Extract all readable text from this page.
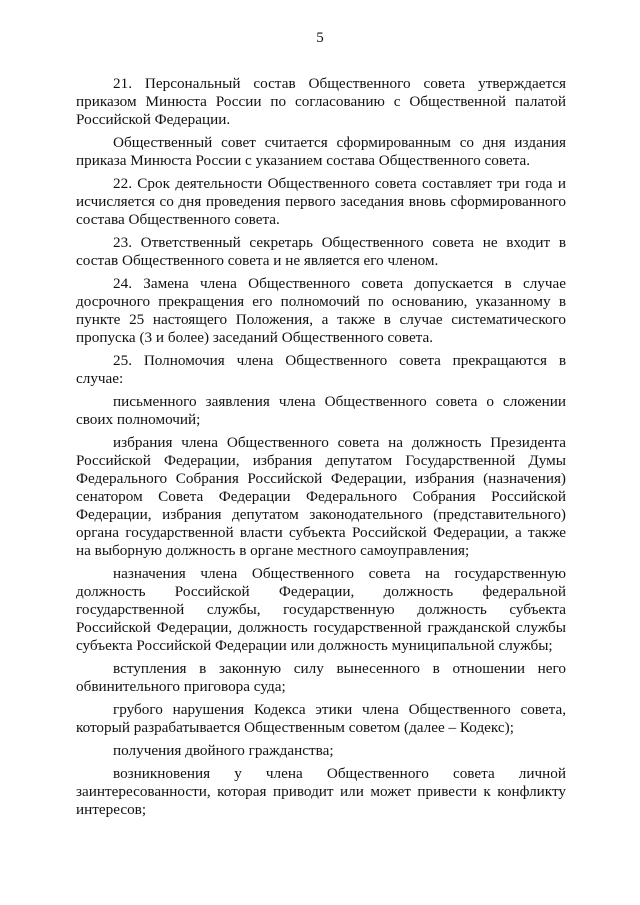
5

21. Персональный состав Общественного совета утверждается приказом Минюста России по согласованию с Общественной палатой Российской Федерации.

Общественный совет считается сформированным со дня издания приказа Минюста России с указанием состава Общественного совета.

22. Срок деятельности Общественного совета составляет три года и исчисляется со дня проведения первого заседания вновь сформированного состава Общественного совета.

23. Ответственный секретарь Общественного совета не входит в состав Общественного совета и не является его членом.

24. Замена члена Общественного совета допускается в случае досрочного прекращения его полномочий по основанию, указанному в пункте 25 настоящего Положения, а также в случае систематического пропуска (3 и более) заседаний Общественного совета.

25. Полномочия члена Общественного совета прекращаются в случае:

письменного заявления члена Общественного совета о сложении своих полномочий;

избрания члена Общественного совета на должность Президента Российской Федерации, избрания депутатом Государственной Думы Федерального Собрания Российской Федерации, избрания (назначения) сенатором Совета Федерации Федерального Собрания Российской Федерации, избрания депутатом законодательного (представительного) органа государственной власти субъекта Российской Федерации, а также на выборную должность в органе местного самоуправления;

назначения члена Общественного совета на государственную должность Российской Федерации, должность федеральной государственной службы, государственную должность субъекта Российской Федерации, должность государственной гражданской службы субъекта Российской Федерации или должность муниципальной службы;

вступления в законную силу вынесенного в отношении него обвинительного приговора суда;

грубого нарушения Кодекса этики члена Общественного совета, который разрабатывается Общественным советом (далее – Кодекс);

получения двойного гражданства;

возникновения у члена Общественного совета личной заинтересованности, которая приводит или может привести к конфликту интересов;
